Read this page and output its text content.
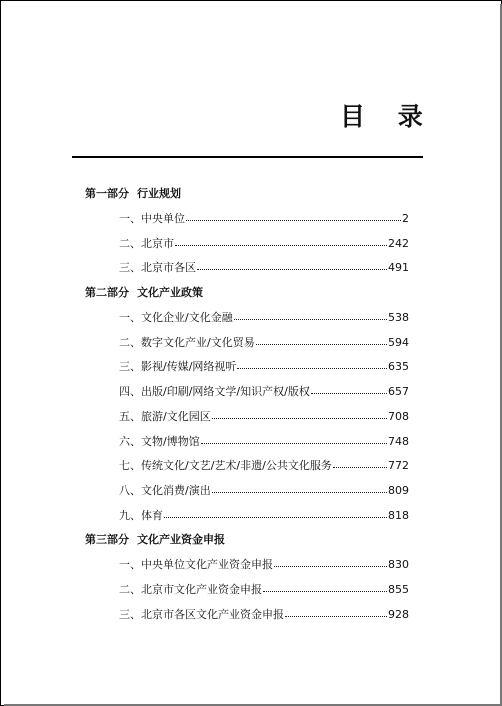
目 录
第一部分 行业规划
一、中央单位	2
二、北京市	242
三、北京市各区	491
第二部分 文化产业政策
一、文化企业/文化金融	538
二、数字文化产业/文化贸易	594
三、影视/传媒/网络视听	635
四、出版/印刷/网络文学/知识产权/版权	657
五、旅游/文化园区	708
六、文物/博物馆	748
七、传统文化/文艺/艺术/非遗/公共文化服务	772
八、文化消费/演出	809
九、体育	818
第三部分 文化产业资金申报
一、中央单位文化产业资金申报	830
二、北京市文化产业资金申报	855
三、北京市各区文化产业资金申报	928
